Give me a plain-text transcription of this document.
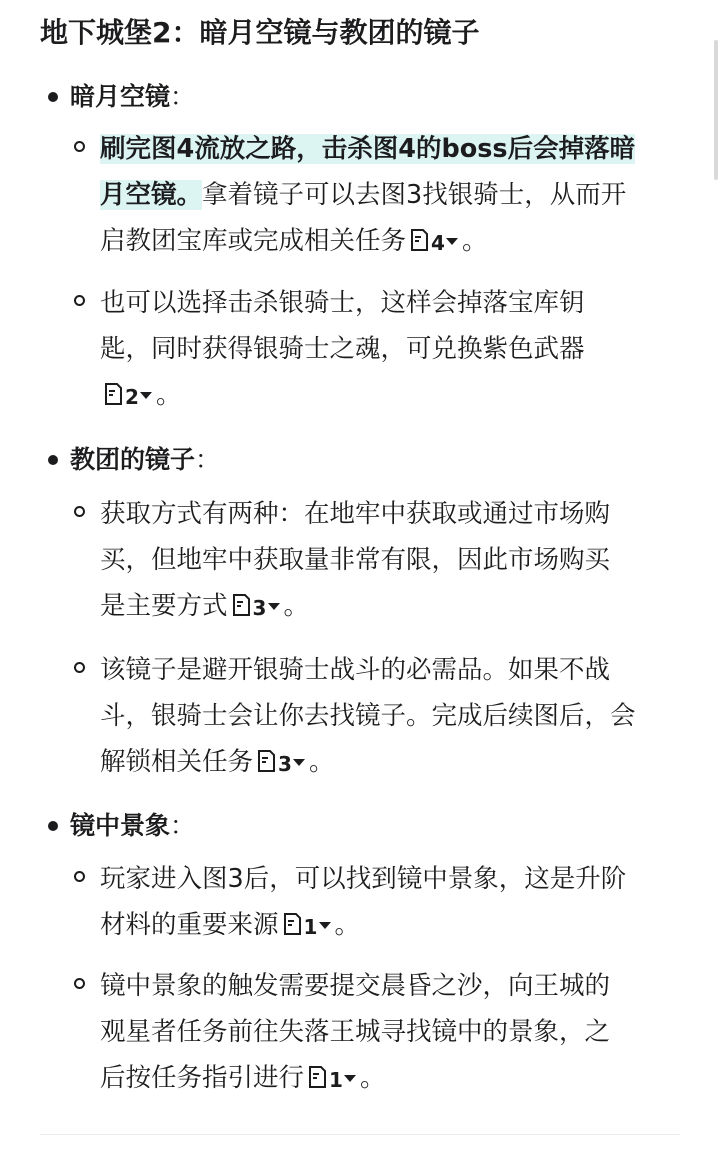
地下城堡2：暗月空镜与教团的镜子
暗月空镜：
刷完图4流放之路，击杀图4的boss后会掉落暗
月空镜。拿着镜子可以去图3找银骑士，从而开
启教团宝库或完成相关任务 4 。
也可以选择击杀银骑士，这样会掉落宝库钥
匙，同时获得银骑士之魂，可兑换紫色武器
2 。
教团的镜子：
获取方式有两种：在地牢中获取或通过市场购
买，但地牢中获取量非常有限，因此市场购买
是主要方式 3 。
该镜子是避开银骑士战斗的必需品。如果不战
斗，银骑士会让你去找镜子。完成后续图后，会
解锁相关任务 3 。
镜中景象：
玩家进入图3后，可以找到镜中景象，这是升阶
材料的重要来源 1 。
镜中景象的触发需要提交晨昏之沙，向王城的
观星者任务前往失落王城寻找镜中的景象，之
后按任务指引进行 1 。
